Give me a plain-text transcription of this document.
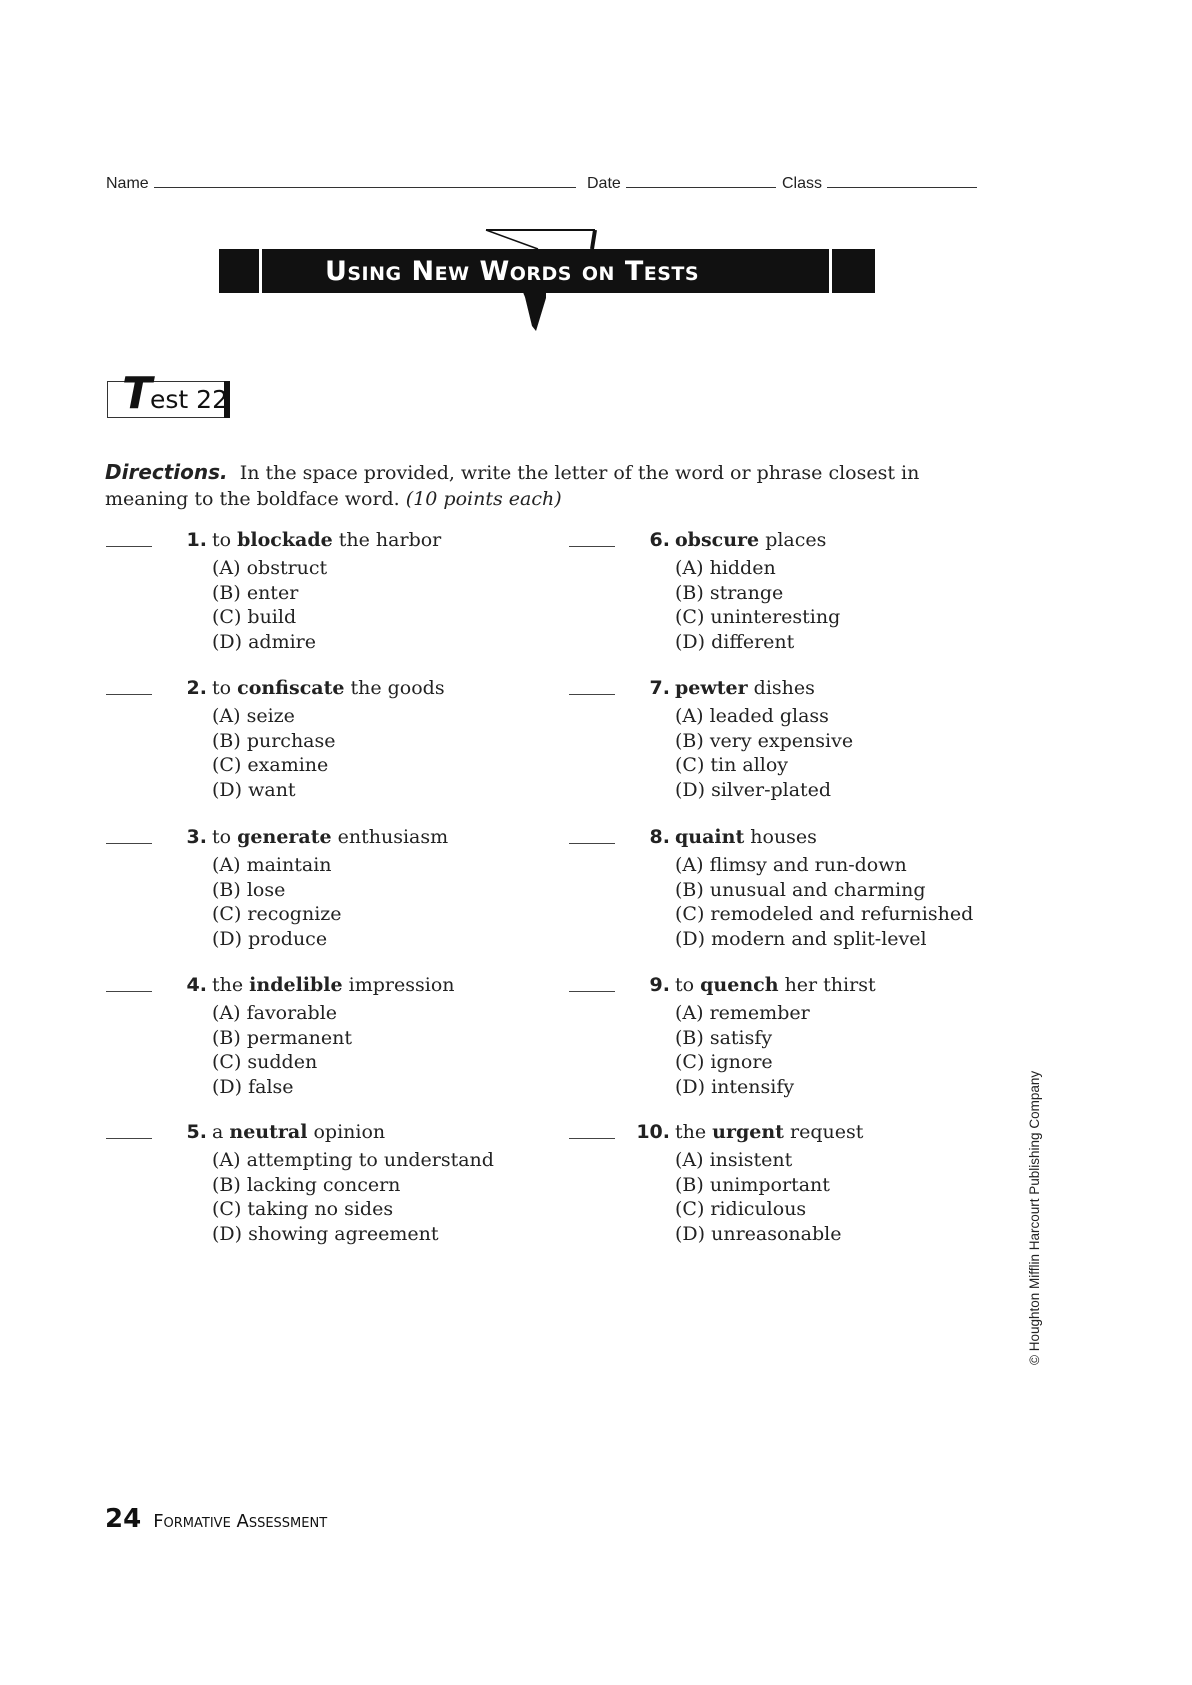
Name	Date	Class
Using New Words on Tests
Test 22
Directions. In the space provided, write the letter of the word or phrase closest in meaning to the boldface word. (10 points each)
1. to blockade the harbor
(A) obstruct
(B) enter
(C) build
(D) admire
2. to confiscate the goods
(A) seize
(B) purchase
(C) examine
(D) want
3. to generate enthusiasm
(A) maintain
(B) lose
(C) recognize
(D) produce
4. the indelible impression
(A) favorable
(B) permanent
(C) sudden
(D) false
5. a neutral opinion
(A) attempting to understand
(B) lacking concern
(C) taking no sides
(D) showing agreement
6. obscure places
(A) hidden
(B) strange
(C) uninteresting
(D) different
7. pewter dishes
(A) leaded glass
(B) very expensive
(C) tin alloy
(D) silver-plated
8. quaint houses
(A) flimsy and run-down
(B) unusual and charming
(C) remodeled and refurnished
(D) modern and split-level
9. to quench her thirst
(A) remember
(B) satisfy
(C) ignore
(D) intensify
10. the urgent request
(A) insistent
(B) unimportant
(C) ridiculous
(D) unreasonable
24 Formative Assessment
© Houghton Mifflin Harcourt Publishing Company
